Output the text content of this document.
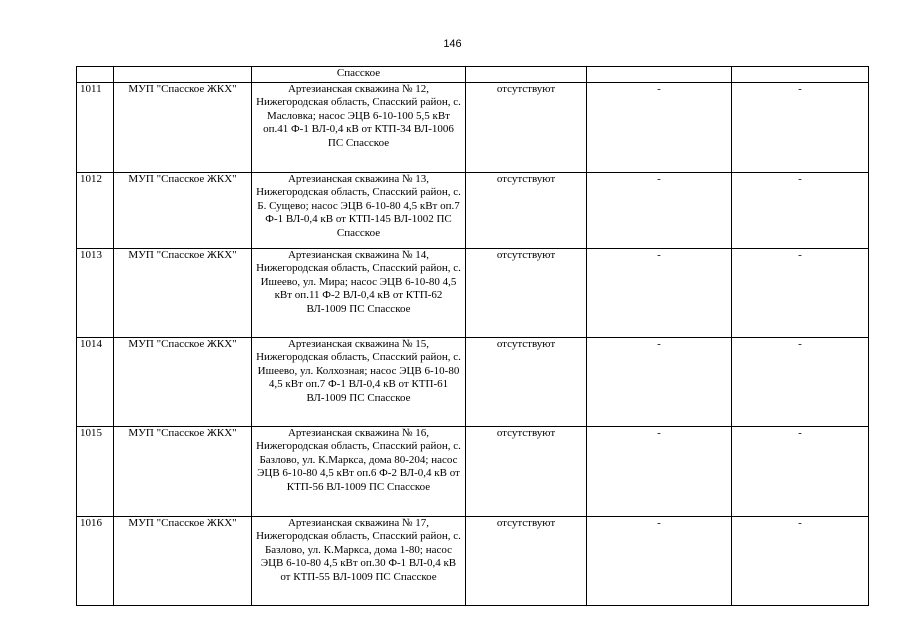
146
		Спасское			
1011	МУП "Спасское ЖКХ"	Артезианская скважина № 12, Нижегородская область, Спасский район, с. Масловка; насос ЭЦВ 6-10-100 5,5 кВт оп.41 Ф-1 ВЛ-0,4 кВ от КТП-34 ВЛ-1006 ПС Спасское	отсутствуют	-	-
1012	МУП "Спасское ЖКХ"	Артезианская скважина № 13, Нижегородская область, Спасский район, с. Б. Сущево; насос ЭЦВ 6-10-80 4,5 кВт оп.7 Ф-1 ВЛ-0,4 кВ от КТП-145 ВЛ-1002 ПС Спасское	отсутствуют	-	-
1013	МУП "Спасское ЖКХ"	Артезианская скважина № 14, Нижегородская область, Спасский район, с. Ишеево, ул. Мира; насос ЭЦВ 6-10-80 4,5 кВт оп.11 Ф-2 ВЛ-0,4 кВ от КТП-62 ВЛ-1009 ПС Спасское	отсутствуют	-	-
1014	МУП "Спасское ЖКХ"	Артезианская скважина № 15, Нижегородская область, Спасский район, с. Ишеево, ул. Колхозная; насос ЭЦВ 6-10-80 4,5 кВт оп.7 Ф-1 ВЛ-0,4 кВ от КТП-61 ВЛ-1009 ПС Спасское	отсутствуют	-	-
1015	МУП "Спасское ЖКХ"	Артезианская скважина № 16, Нижегородская область, Спасский район, с. Базлово, ул. К.Маркса, дома 80-204; насос ЭЦВ 6-10-80 4,5 кВт оп.6 Ф-2 ВЛ-0,4 кВ от КТП-56 ВЛ-1009 ПС Спасское	отсутствуют	-	-
1016	МУП "Спасское ЖКХ"	Артезианская скважина № 17, Нижегородская область, Спасский район, с. Базлово, ул. К.Маркса, дома 1-80; насос ЭЦВ 6-10-80 4,5 кВт оп.30 Ф-1 ВЛ-0,4 кВ от КТП-55 ВЛ-1009 ПС Спасское	отсутствуют	-	-
